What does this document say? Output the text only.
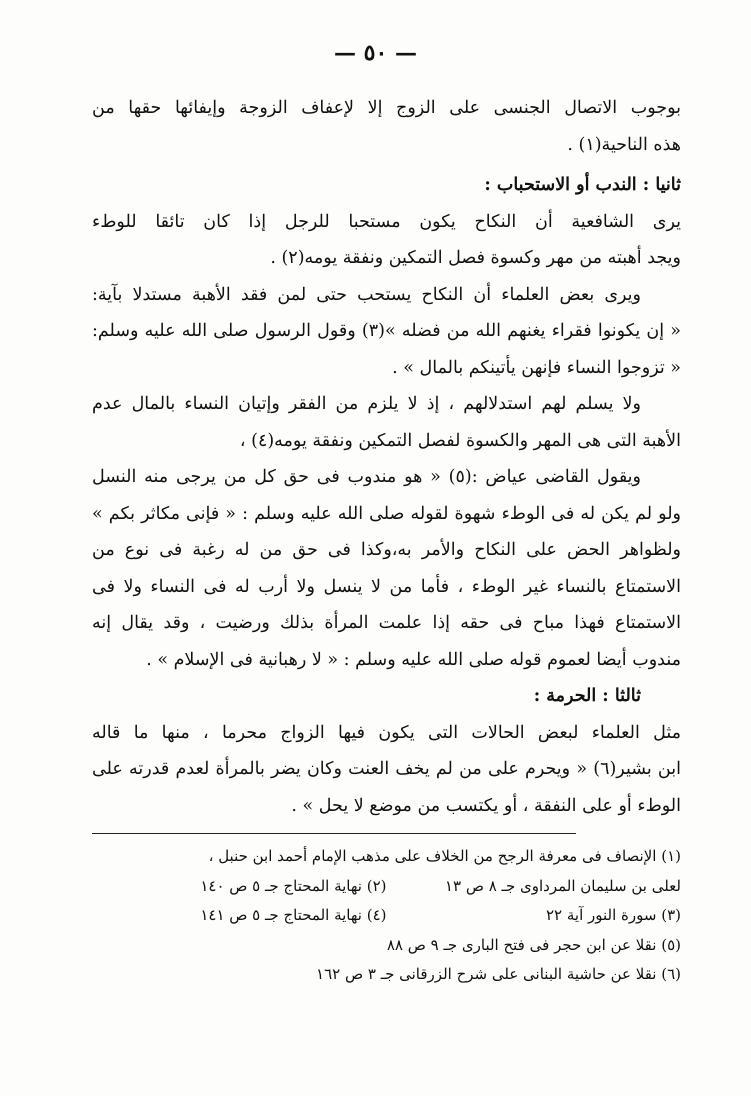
— ٥٠ —
بوجوب الاتصال الجنسى على الزوج إلا لإعفاف الزوجة وإيفائها حقها من
هذه الناحية(١) .
ثانيا : الندب أو الاستحباب :
يرى الشافعية أن النكاح يكون مستحبا للرجل إذا كان تائقا للوطء
ويجد أهبته من مهر وكسوة فصل التمكين ونفقة يومه(٢) .
ويرى بعض العلماء أن النكاح يستحب حتى لمن فقد الأهبة مستدلا بآية:
« إن يكونوا فقراء يغنهم الله من فضله »(٣) وقول الرسول صلى الله عليه وسلم:
« تزوجوا النساء فإنهن يأتينكم بالمال » .
ولا يسلم لهم استدلالهم ، إذ لا يلزم من الفقر وإتيان النساء بالمال عدم
الأهبة التى هى المهر والكسوة لفصل التمكين ونفقة يومه(٤) ،
ويقول القاضى عياض :(٥) « هو مندوب فى حق كل من يرجى منه النسل
ولو لم يكن له فى الوطء شهوة لقوله صلى الله عليه وسلم : « فإنى مكاثر بكم »
ولظواهر الحض على النكاح والأمر به،وكذا فى حق من له رغبة فى نوع من
الاستمتاع بالنساء غير الوطء ، فأما من لا ينسل ولا أرب له فى النساء ولا فى
الاستمتاع فهذا مباح فى حقه إذا علمت المرأة بذلك ورضيت ، وقد يقال إنه
مندوب أيضا لعموم قوله صلى الله عليه وسلم : « لا رهبانية فى الإسلام » .
ثالثا : الحرمة :
مثل العلماء لبعض الحالات التى يكون فيها الزواج محرما ، منها ما قاله
ابن بشير(٦) « ويحرم على من لم يخف العنت وكان يضر بالمرأة لعدم قدرته على
الوطء أو على النفقة ، أو يكتسب من موضع لا يحل » .
(١) الإنصاف فى معرفة الرجح من الخلاف على مذهب الإمام أحمد ابن حنبل ،
لعلى بن سليمان المرداوى جـ ٨ ص ١٣
(٢) نهاية المحتاج جـ ٥ ص ١٤٠
(٣) سورة النور آية ٢٢
(٤) نهاية المحتاج جـ ٥ ص ١٤١
(٥) نقلا عن ابن حجر فى فتح البارى جـ ٩ ص ٨٨
(٦) نقلا عن حاشية البنانى على شرح الزرقانى جـ ٣ ص ١٦٢
